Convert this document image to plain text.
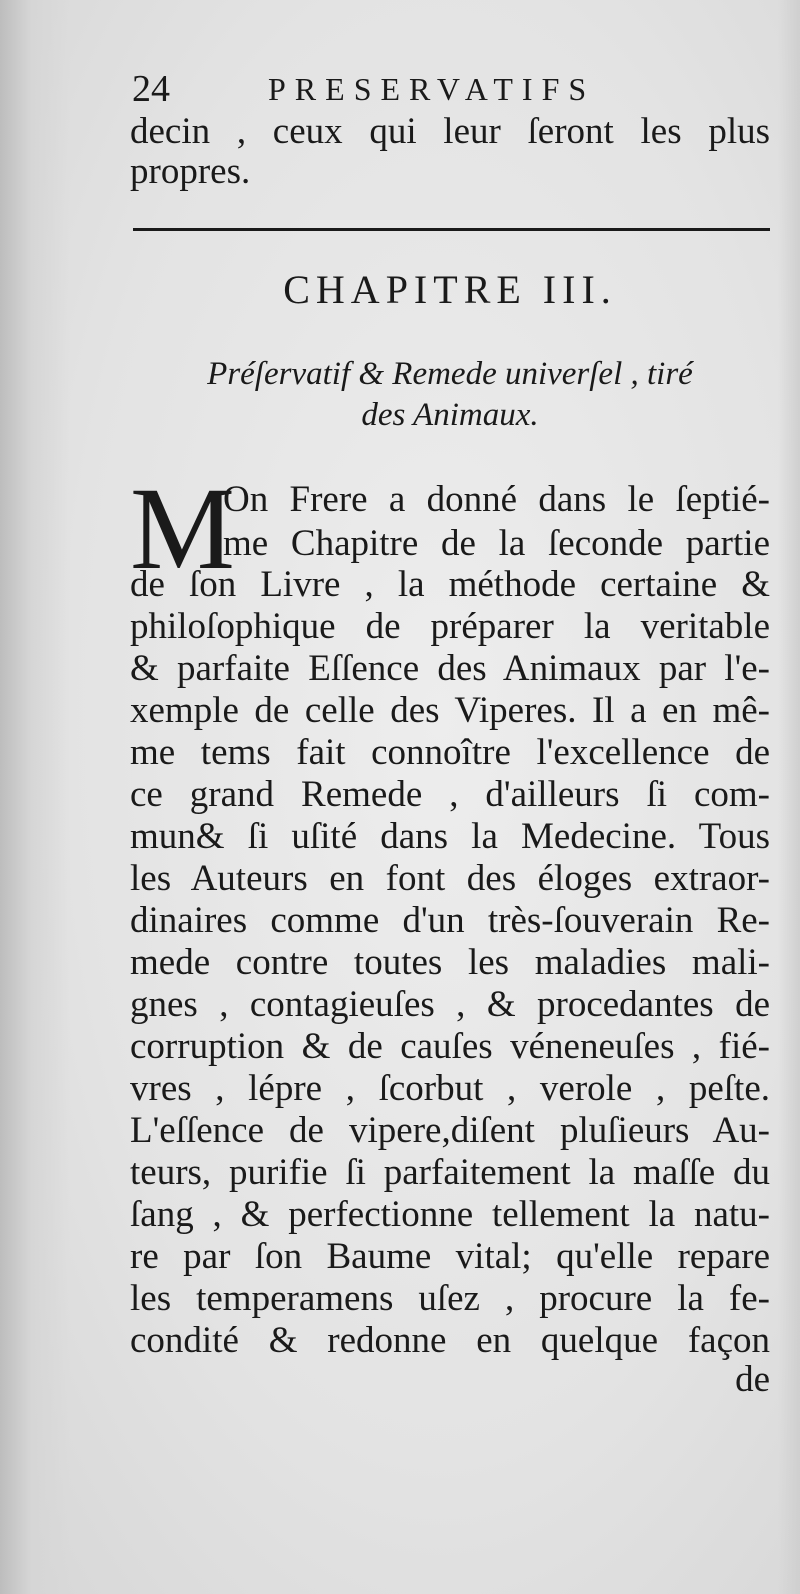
24	PRESERVATIFS
decin , ceux qui leur ſeront les plus
propres.
CHAPITRE III.
Préſervatif & Remede univerſel , tiré
des Animaux.
M
On Frere a donné dans le ſeptié-
me Chapitre de la ſeconde partie
de ſon Livre , la méthode certaine &
philoſophique de préparer la veritable
& parfaite Eſſence des Animaux par l'e-
xemple de celle des Viperes. Il a en mê-
me tems fait connoître l'excellence de
ce grand Remede , d'ailleurs ſi com-
mun& ſi uſité dans la Medecine. Tous
les Auteurs en font des éloges extraor-
dinaires comme d'un très-ſouverain Re-
mede contre toutes les maladies mali-
gnes , contagieuſes , & procedantes de
corruption & de cauſes véneneuſes , fié-
vres , lépre , ſcorbut , verole , peſte.
L'eſſence de vipere,diſent pluſieurs Au-
teurs, purifie ſi parfaitement la maſſe du
ſang , & perfectionne tellement la natu-
re par ſon Baume vital; qu'elle repare
les temperamens uſez , procure la fe-
condité & redonne en quelque façon
de
